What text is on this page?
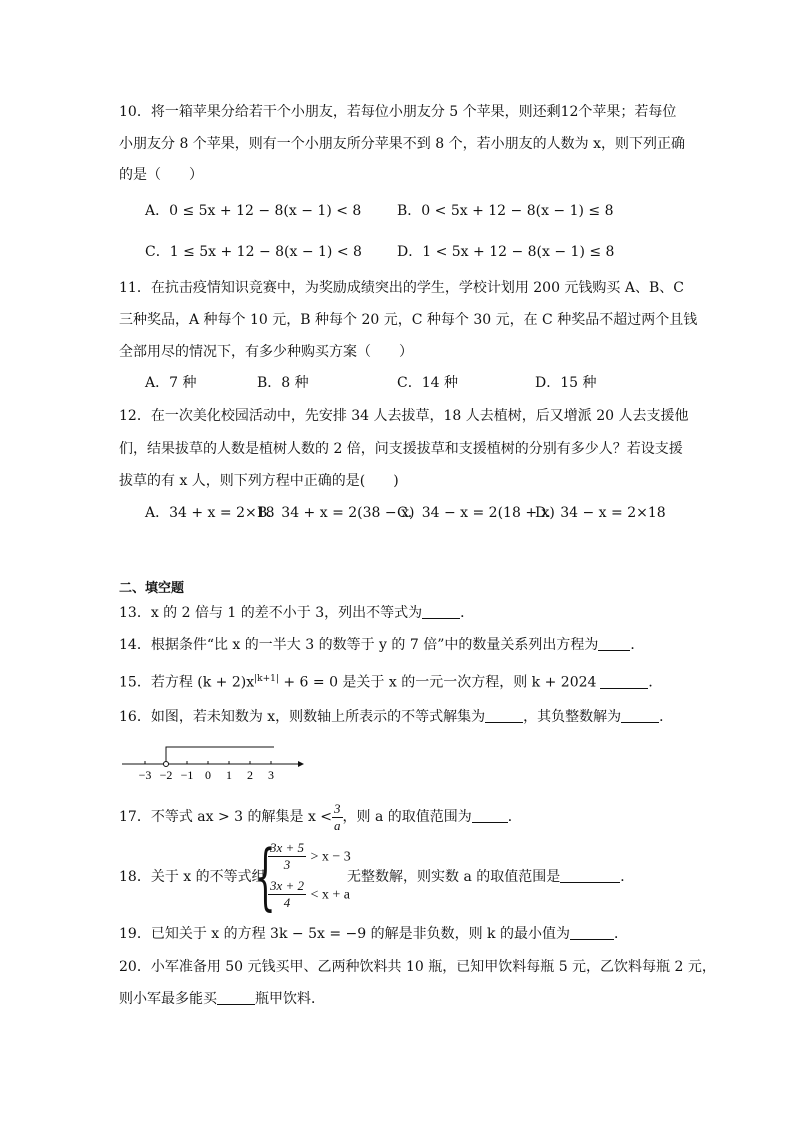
10．将一箱苹果分给若干个小朋友，若每位小朋友分 5 个苹果，则还剩12个苹果；若每位
小朋友分 8 个苹果，则有一个小朋友所分苹果不到 8 个，若小朋友的人数为 x，则下列正确
的是（　　）
A．0 ≤ 5x + 12 − 8(x − 1) < 8	B．0 < 5x + 12 − 8(x − 1) ≤ 8
C．1 ≤ 5x + 12 − 8(x − 1) < 8	D．1 < 5x + 12 − 8(x − 1) ≤ 8
11．在抗击疫情知识竞赛中，为奖励成绩突出的学生，学校计划用 200 元钱购买 A、B、C
三种奖品，A 种每个 10 元，B 种每个 20 元，C 种每个 30 元，在 C 种奖品不超过两个且钱
全部用尽的情况下，有多少种购买方案（　　）
A．7 种	B．8 种	C．14 种	D．15 种
12．在一次美化校园活动中，先安排 34 人去拔草，18 人去植树，后又增派 20 人去支援他
们，结果拔草的人数是植树人数的 2 倍，问支援拔草和支援植树的分别有多少人？若设支援
拔草的有 x 人，则下列方程中正确的是(　　)
A．34 + x = 2×18
B．34 + x = 2(38 − x)
C．34 − x = 2(18 + x)
D．34 − x = 2×18
二、填空题
13．x 的 2 倍与 1 的差不小于 3，列出不等式为	．
14．根据条件“比 x 的一半大 3 的数等于 y 的 7 倍”中的数量关系列出方程为 ．
15．若方程 $(k + 2)x^{|k+1|} + 6 = 0$ 是关于 x 的一元一次方程，则 k + 2024	．
16．如图，若未知数为 x，则数轴上所表示的不等式解集为	，其负整数解为	．
−3 −2 −1 0 1 2 3
17．不等式 ax > 3 的解集是 $x < \frac{3}{a}$ ，则 a 的取值范围为	．
18．关于 x 的不等式组
{
$\frac{3x + 5}{3} > x - 3$
$\frac{3x + 2}{4} < x + a$
无整数解，则实数 a 的取值范围是	．
19．已知关于 x 的方程 3k − 5x = −9 的解是非负数，则 k 的最小值为	．
20．小军准备用 50 元钱买甲、乙两种饮料共 10 瓶，已知甲饮料每瓶 5 元，乙饮料每瓶 2 元，
则小军最多能买	瓶甲饮料．
